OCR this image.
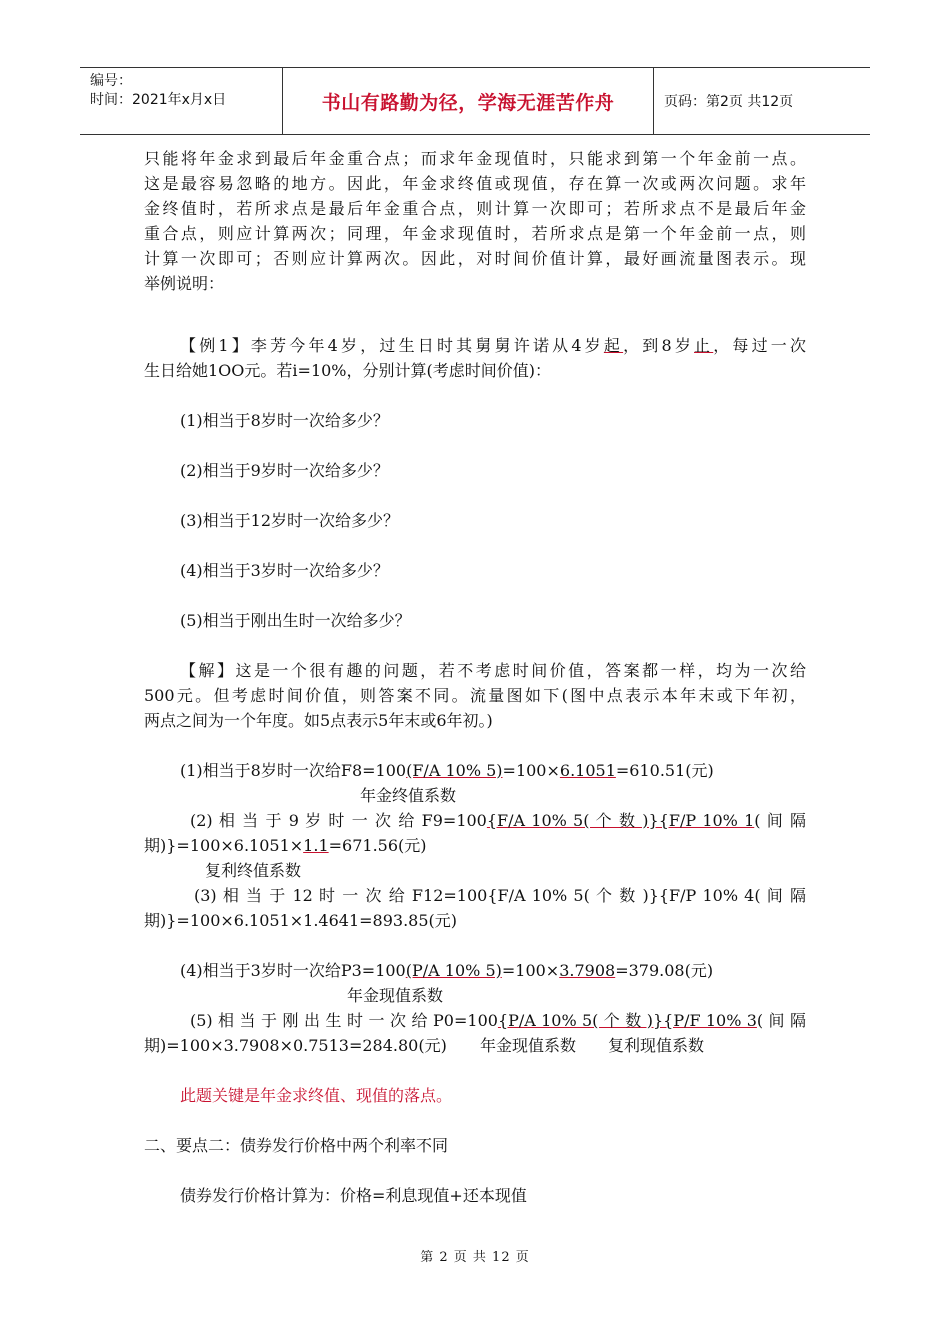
编号：
时间：2021年x月x日	书山有路勤为径，学海无涯苦作舟	页码：第2页 共12页
只能将年金求到最后年金重合点；而求年金现值时，只能求到第一个年金前一点。
这是最容易忽略的地方。因此，年金求终值或现值，存在算一次或两次问题。求年
金终值时，若所求点是最后年金重合点，则计算一次即可；若所求点不是最后年金
重合点，则应计算两次；同理，年金求现值时，若所求点是第一个年金前一点，则
计算一次即可；否则应计算两次。因此，对时间价值计算，最好画流量图表示。现
举例说明：
【例1】李芳今年4岁，过生日时其舅舅许诺从4岁起，到8岁止，每过一次
生日给她1OO元。若i=10%，分别计算(考虑时间价值)：
(1)相当于8岁时一次给多少？
(2)相当于9岁时一次给多少？
(3)相当于12岁时一次给多少？
(4)相当于3岁时一次给多少？
(5)相当于刚出生时一次给多少？
【解】这是一个很有趣的问题，若不考虑时间价值，答案都一样，均为一次给
500元。但考虑时间价值，则答案不同。流量图如下(图中点表示本年末或下年初，
两点之间为一个年度。如5点表示5年末或6年初。)
(1)相当于8岁时一次给F8=100(F/A 10% 5)=100×6.1051=610.51(元)
年金终值系数
(2) 相 当 于 9 岁 时 一 次 给 F9=100{F/A 10% 5( 个 数 )}{F/P 10% 1( 间 隔
期)}=100×6.1051×1.1=671.56(元)
复利终值系数
(3) 相 当 于 12 时 一 次 给 F12=100{F/A 10% 5( 个 数 )}{F/P 10% 4( 间 隔
期)}=100×6.1051×1.4641=893.85(元)
(4)相当于3岁时一次给P3=100(P/A 10% 5)=100×3.7908=379.08(元)
年金现值系数
(5) 相 当 于 刚 出 生 时 一 次 给 P0=100{P/A 10% 5( 个 数 )}{P/F 10% 3( 间 隔
期)=100×3.7908×0.7513=284.80(元)	年金现值系数 复利现值系数
此题关键是年金求终值、现值的落点。
二、要点二：债券发行价格中两个利率不同
债券发行价格计算为：价格=利息现值+还本现值
第 2 页 共 12 页
